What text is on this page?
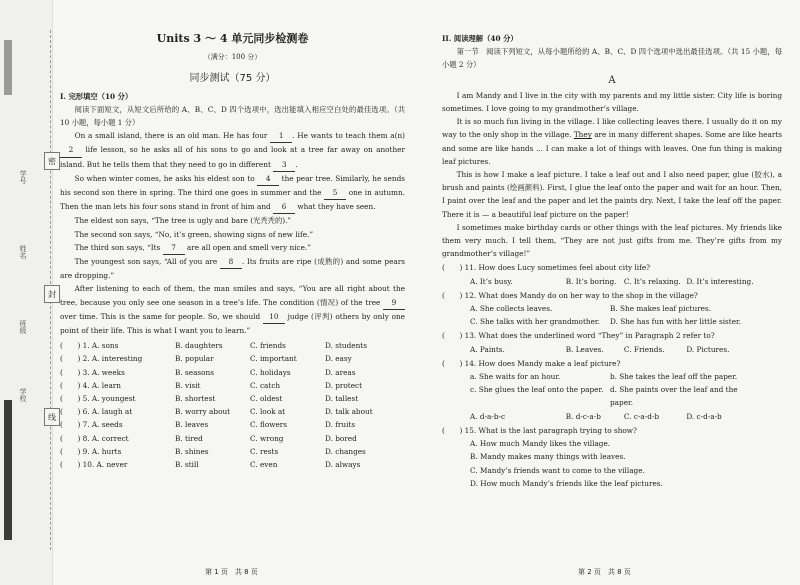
学号
姓名
班级
学校
密
封
线
Units 3 ～ 4 单元同步检测卷
（满分：100 分）
同步测试（75 分）
I. 完形填空（10 分）

阅读下面短文，从短文后所给的 A、B、C、D 四个选项中，选出能填入相应空白处的最佳选项。（共 10 小题，每小题 1 分）

On a small island, there is an old man. He has four 1 . He wants to teach them a(n) 2 life lesson, so he asks all of his sons to go and look at a tree far away on another island. But he tells them that they need to go in different 3 .

So when winter comes, he asks his eldest son to 4 the pear tree. Similarly, he sends his second son there in spring. The third one goes in summer and the 5 one in autumn. Then the man lets his four sons stand in front of him and 6 what they have seen.

The eldest son says, “The tree is ugly and bare (光秃秃的).”

The second son says, “No, it’s green, showing signs of new life.”

The third son says, “Its 7 are all open and smell very nice.”

The youngest son says, “All of you are 8 . Its fruits are ripe (成熟的) and some pears are dropping.”

After listening to each of them, the man smiles and says, “You are all right about the tree, because you only see one season in a tree’s life. The condition (情况) of the tree 9 over time. This is the same for people. So, we should 10 judge (评判) others by only one point of their life. This is what I want you to learn.”

(　　) 1. A. sons	B. daughters	C. friends	D. students
(　　) 2. A. interesting	B. popular	C. important	D. easy
(　　) 3. A. weeks	B. seasons	C. holidays	D. areas
(　　) 4. A. learn	B. visit	C. catch	D. protect
(　　) 5. A. youngest	B. shortest	C. oldest	D. tallest
(　　) 6. A. laugh at	B. worry about	C. look at	D. talk about
(　　) 7. A. seeds	B. leaves	C. flowers	D. fruits
(　　) 8. A. correct	B. tired	C. wrong	D. bored
(　　) 9. A. hurts	B. shines	C. rests	D. changes
(　　) 10. A. never	B. still	C. even	D. always
第 1 页　共 8 页
II. 阅读理解（40 分）

第一节　阅读下列短文，从每小题所给的 A、B、C、D 四个选项中选出最佳选项。（共 15 小题，每小题 2 分）

A

I am Mandy and I live in the city with my parents and my little sister. City life is boring sometimes. I love going to my grandmother’s village.

It is so much fun living in the village. I like collecting leaves there. I usually do it on my way to the only shop in the village. They are in many different shapes. Some are like hearts and some are like hands ... I can make a lot of things with leaves. One fun thing is making leaf pictures.

This is how I make a leaf picture. I take a leaf out and I also need paper, glue (胶水), a brush and paints (绘画颜料). First, I glue the leaf onto the paper and wait for an hour. Then, I paint over the leaf and the paper and let the paints dry. Next, I take the leaf off the paper. There it is — a beautiful leaf picture on the paper!

I sometimes make birthday cards or other things with the leaf pictures. My friends like them very much. I tell them, “They are not just gifts from me. They’re gifts from my grandmother’s village!”

(　　) 11. How does Lucy sometimes feel about city life?
A. It’s busy.	B. It’s boring.	C. It’s relaxing. D. It’s interesting.
(　　) 12. What does Mandy do on her way to the shop in the village?
A. She collects leaves.	B. She makes leaf pictures.
C. She talks with her grandmother.	D. She has fun with her little sister.
(　　) 13. What does the underlined word “They” in Paragraph 2 refer to?
A. Paints.	B. Leaves.	C. Friends.	D. Pictures.
(　　) 14. How does Mandy make a leaf picture?
a. She waits for an hour.	b. She takes the leaf off the paper.
c. She glues the leaf onto the paper. d. She paints over the leaf and the paper.
A. d-a-b-c	B. d-c-a-b	C. c-a-d-b	D. c-d-a-b
(　　) 15. What is the last paragraph trying to show?
A. How much Mandy likes the village.
B. Mandy makes many things with leaves.
C. Mandy’s friends want to come to the village.
D. How much Mandy’s friends like the leaf pictures.
第 2 页　共 8 页
